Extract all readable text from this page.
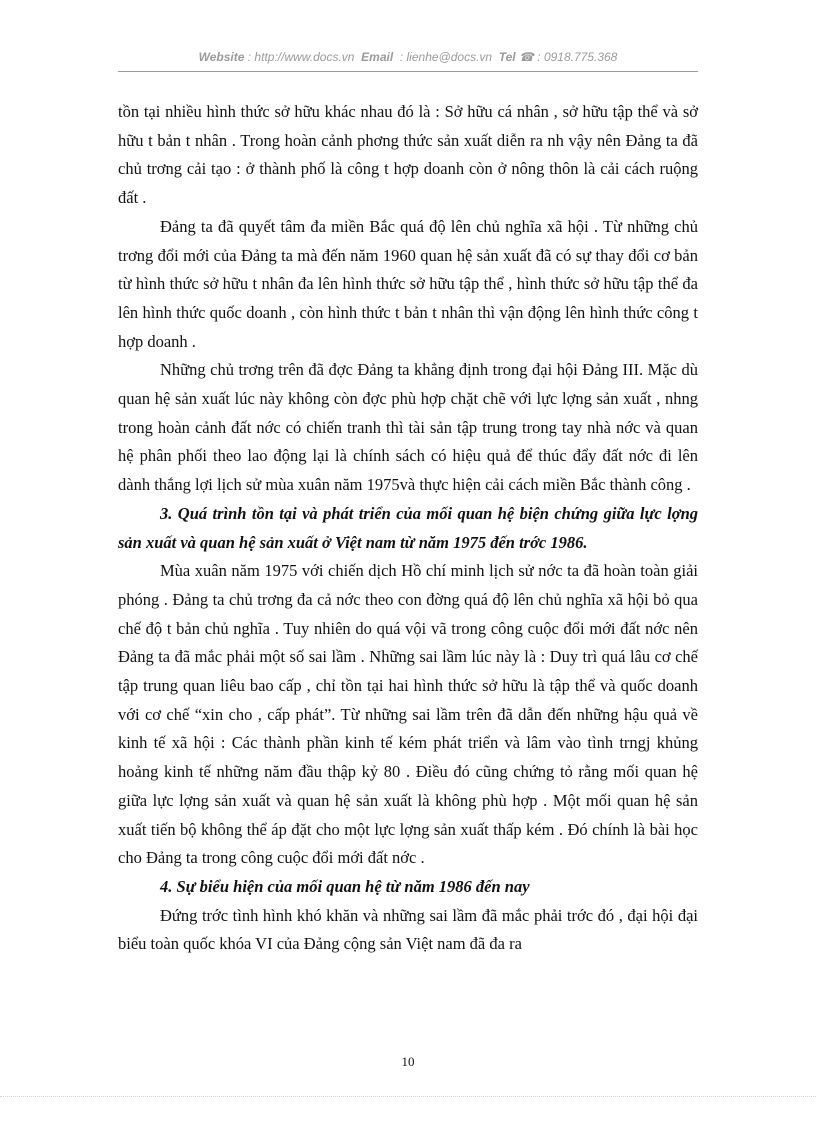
Website : http://www.docs.vn Email : lienhe@docs.vn Tel ☎ : 0918.775.368

tồn tại nhiều hình thức sở hữu khác nhau đó là : Sở hữu cá nhân , sở hữu tập thể và sở hữu t bản t nhân . Trong hoàn cảnh phơng thức sản xuất diễn ra nh vậy nên Đảng ta đã chủ trơng cải tạo : ở thành phố là công t hợp doanh còn ở nông thôn là cải cách ruộng đất .

Đảng ta đã quyết tâm đa miền Bắc quá độ lên chủ nghĩa xã hội . Từ những chủ trơng đổi mới của Đảng ta mà đến năm 1960 quan hệ sản xuất đã có sự thay đổi cơ bản từ hình thức sở hữu t nhân đa lên hình thức sở hữu tập thể , hình thức sở hữu tập thể đa lên hình thức quốc doanh , còn hình thức t bản t nhân thì vận động lên hình thức công t hợp doanh .

Những chủ trơng trên đã đợc Đảng ta khẳng định trong đại hội Đảng III. Mặc dù quan hệ sản xuất lúc này không còn đợc phù hợp chặt chẽ với lực lợng sản xuất , nhng trong hoàn cảnh đất nớc có chiến tranh thì tài sản tập trung trong tay nhà nớc và quan hệ phân phối theo lao động lại là chính sách có hiệu quả để thúc đẩy đất nớc đi lên dành thắng lợi lịch sử mùa xuân năm 1975và thực hiện cải cách miền Bắc thành công .

3. Quá trình tồn tại và phát triển của mối quan hệ biện chứng giữa lực lợng sản xuất và quan hệ sản xuất ở Việt nam từ năm 1975 đến trớc 1986.

Mùa xuân năm 1975 với chiến dịch Hồ chí minh lịch sử nớc ta đã hoàn toàn giải phóng . Đảng ta chủ trơng đa cả nớc theo con đờng quá độ lên chủ nghĩa xã hội bỏ qua chế độ t bản chủ nghĩa . Tuy nhiên do quá vội vã trong công cuộc đổi mới đất nớc nên Đảng ta đã mắc phải một số sai lầm . Những sai lầm lúc này là : Duy trì quá lâu cơ chế tập trung quan liêu bao cấp , chỉ tồn tại hai hình thức sở hữu là tập thể và quốc doanh với cơ chế “xin cho , cấp phát”. Từ những sai lầm trên đã dẫn đến những hậu quả về kinh tế xã hội : Các thành phần kinh tế kém phát triển và lâm vào tình trngj khủng hoảng kinh tế những năm đầu thập kỷ 80 . Điều đó cũng chứng tỏ rằng mối quan hệ giữa lực lợng sản xuất và quan hệ sản xuất là không phù hợp . Một mối quan hệ sản xuất tiến bộ không thể áp đặt cho một lực lợng sản xuất thấp kém . Đó chính là bài học cho Đảng ta trong công cuộc đổi mới đất nớc .

4. Sự biểu hiện của mối quan hệ từ năm 1986 đến nay

Đứng trớc tình hình khó khăn và những sai lầm đã mắc phải trớc đó , đại hội đại biểu toàn quốc khóa VI của Đảng cộng sản Việt nam đã đa ra

10
